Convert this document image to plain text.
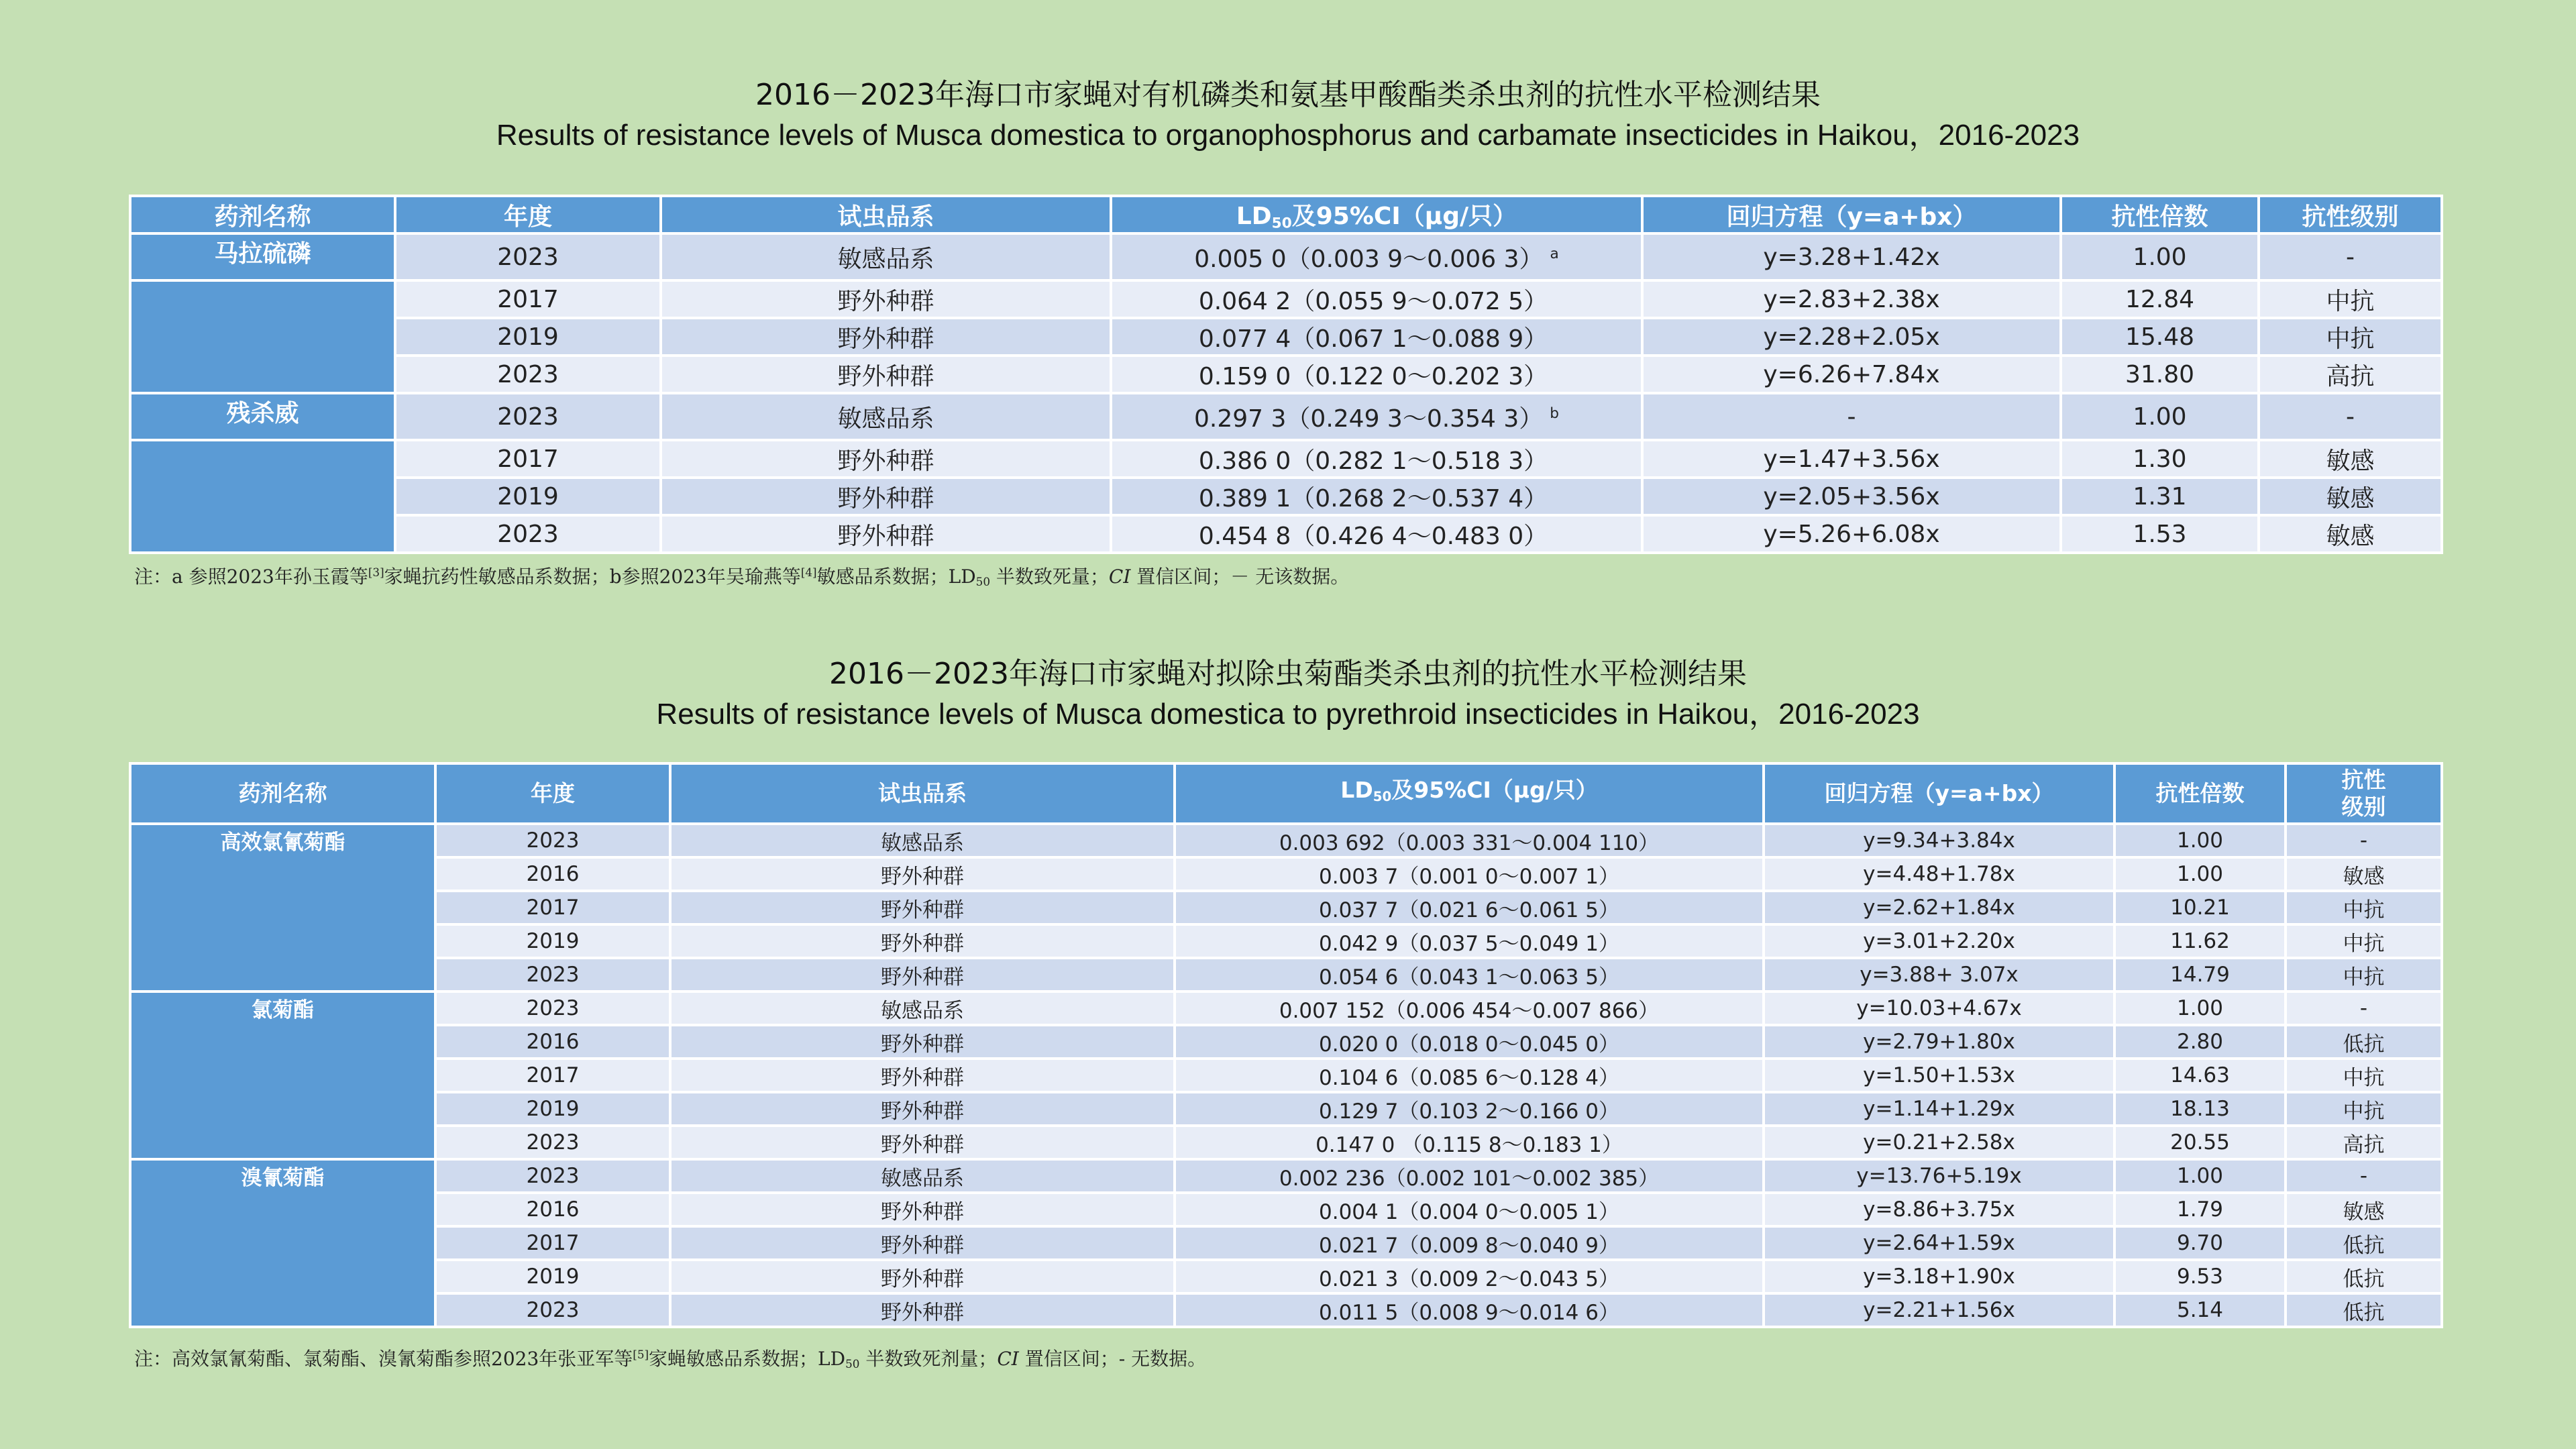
2016－2023年海口市家蝇对有机磷类和氨基甲酸酯类杀虫剂的抗性水平检测结果
Results of resistance levels of Musca domestica to organophosphorus and carbamate insecticides in Haikou，2016-2023
药剂名称	年度	试虫品系	$LD_{50}$及95%CI（μg/只）	回归方程（y=a+bx）	抗性倍数	抗性级别
马拉硫磷	2023	敏感品系	0.005 0（0.003 9～0.006 3） $^a$	y=3.28+1.42x	1.00	-
	2017	野外种群	0.064 2（0.055 9～0.072 5）	y=2.83+2.38x	12.84	中抗
	2019	野外种群	0.077 4（0.067 1～0.088 9）	y=2.28+2.05x	15.48	中抗
	2023	野外种群	0.159 0（0.122 0～0.202 3）	y=6.26+7.84x	31.80	高抗
残杀威	2023	敏感品系	0.297 3（0.249 3～0.354 3） $^b$	-	1.00	-
	2017	野外种群	0.386 0（0.282 1～0.518 3）	y=1.47+3.56x	1.30	敏感
	2019	野外种群	0.389 1（0.268 2～0.537 4）	y=2.05+3.56x	1.31	敏感
	2023	野外种群	0.454 8（0.426 4～0.483 0）	y=5.26+6.08x	1.53	敏感
注：a 参照2023年孙玉霞等[3]家蝇抗药性敏感品系数据；b参照2023年吴瑜燕等[4]敏感品系数据；$LD_{50}$ 半数致死量；CI 置信区间；－ 无该数据。
2016－2023年海口市家蝇对拟除虫菊酯类杀虫剂的抗性水平检测结果
Results of resistance levels of Musca domestica to pyrethroid insecticides in Haikou，2016-2023
药剂名称	年度	试虫品系	$LD_{50}$及95%CI（μg/只）	回归方程（y=a+bx）	抗性倍数	抗性
级别
高效氯氰菊酯	2023	敏感品系	0.003 692（0.003 331～0.004 110）	y=9.34+3.84x	1.00	-
	2016	野外种群	0.003 7（0.001 0～0.007 1）	y=4.48+1.78x	1.00	敏感
	2017	野外种群	0.037 7（0.021 6～0.061 5）	y=2.62+1.84x	10.21	中抗
	2019	野外种群	0.042 9（0.037 5～0.049 1）	y=3.01+2.20x	11.62	中抗
	2023	野外种群	0.054 6（0.043 1～0.063 5）	y=3.88+ 3.07x	14.79	中抗
氯菊酯	2023	敏感品系	0.007 152（0.006 454～0.007 866）	y=10.03+4.67x	1.00	-
	2016	野外种群	0.020 0（0.018 0～0.045 0）	y=2.79+1.80x	2.80	低抗
	2017	野外种群	0.104 6（0.085 6～0.128 4）	y=1.50+1.53x	14.63	中抗
	2019	野外种群	0.129 7（0.103 2～0.166 0）	y=1.14+1.29x	18.13	中抗
	2023	野外种群	0.147 0 （0.115 8～0.183 1）	y=0.21+2.58x	20.55	高抗
溴氰菊酯	2023	敏感品系	0.002 236（0.002 101～0.002 385）	y=13.76+5.19x	1.00	-
	2016	野外种群	0.004 1（0.004 0～0.005 1）	y=8.86+3.75x	1.79	敏感
	2017	野外种群	0.021 7（0.009 8～0.040 9）	y=2.64+1.59x	9.70	低抗
	2019	野外种群	0.021 3（0.009 2～0.043 5）	y=3.18+1.90x	9.53	低抗
	2023	野外种群	0.011 5（0.008 9～0.014 6）	y=2.21+1.56x	5.14	低抗
注：高效氯氰菊酯、氯菊酯、溴氰菊酯参照2023年张亚军等[5]家蝇敏感品系数据；$LD_{50}$ 半数致死剂量；CI 置信区间；- 无数据。
